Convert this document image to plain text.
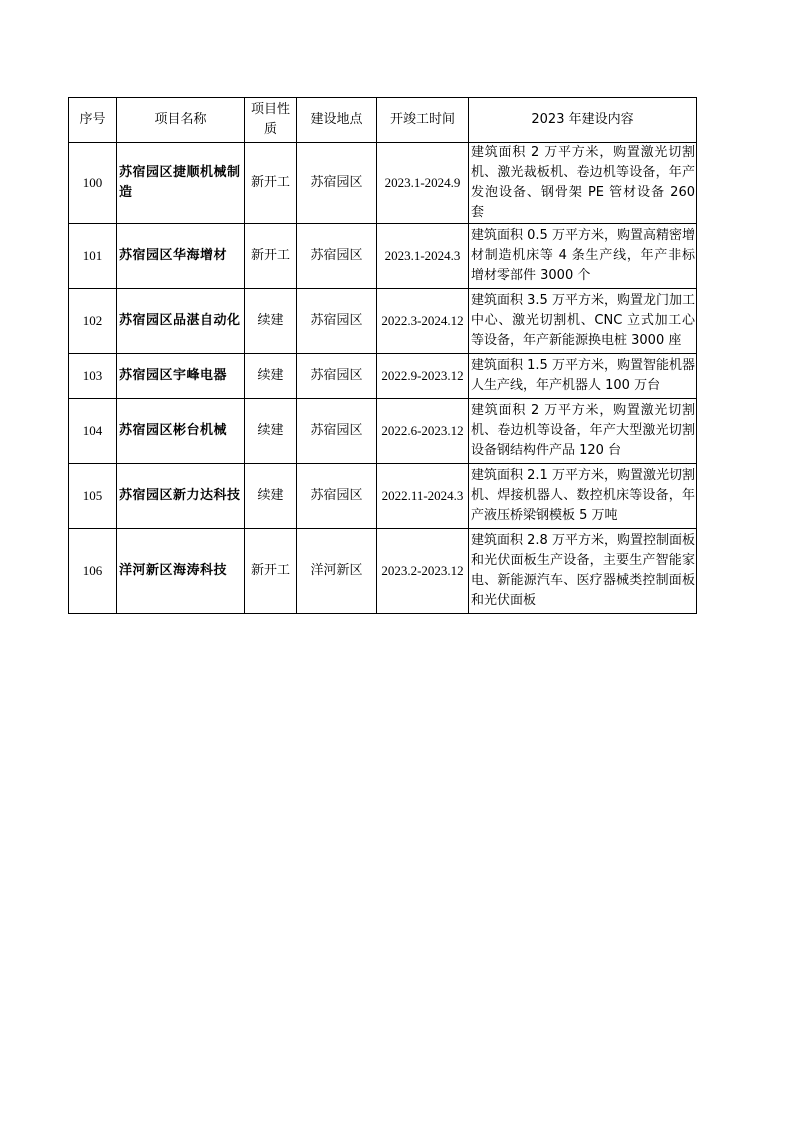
序号	项目名称	项目性质	建设地点	开竣工时间	2023 年建设内容
100	苏宿园区捷顺机械制造	新开工	苏宿园区	2023.1-2024.9	建筑面积 2 万平方米，购置激光切割机、激光裁板机、卷边机等设备，年产发泡设备、钢骨架 PE 管材设备 260 套
101	苏宿园区华海增材	新开工	苏宿园区	2023.1-2024.3	建筑面积 0.5 万平方米，购置高精密增材制造机床等 4 条生产线，年产非标增材零部件 3000 个
102	苏宿园区品湛自动化	续建	苏宿园区	2022.3-2024.12	建筑面积 3.5 万平方米，购置龙门加工中心、激光切割机、CNC 立式加工心等设备，年产新能源换电桩 3000 座
103	苏宿园区宇峰电器	续建	苏宿园区	2022.9-2023.12	建筑面积 1.5 万平方米，购置智能机器人生产线，年产机器人 100 万台
104	苏宿园区彬台机械	续建	苏宿园区	2022.6-2023.12	建筑面积 2 万平方米，购置激光切割机、卷边机等设备，年产大型激光切割设备钢结构件产品 120 台
105	苏宿园区新力达科技	续建	苏宿园区	2022.11-2024.3	建筑面积 2.1 万平方米，购置激光切割机、焊接机器人、数控机床等设备，年产液压桥梁钢模板 5 万吨
106	洋河新区海涛科技	新开工	洋河新区	2023.2-2023.12	建筑面积 2.8 万平方米，购置控制面板和光伏面板生产设备，主要生产智能家电、新能源汽车、医疗器械类控制面板和光伏面板
